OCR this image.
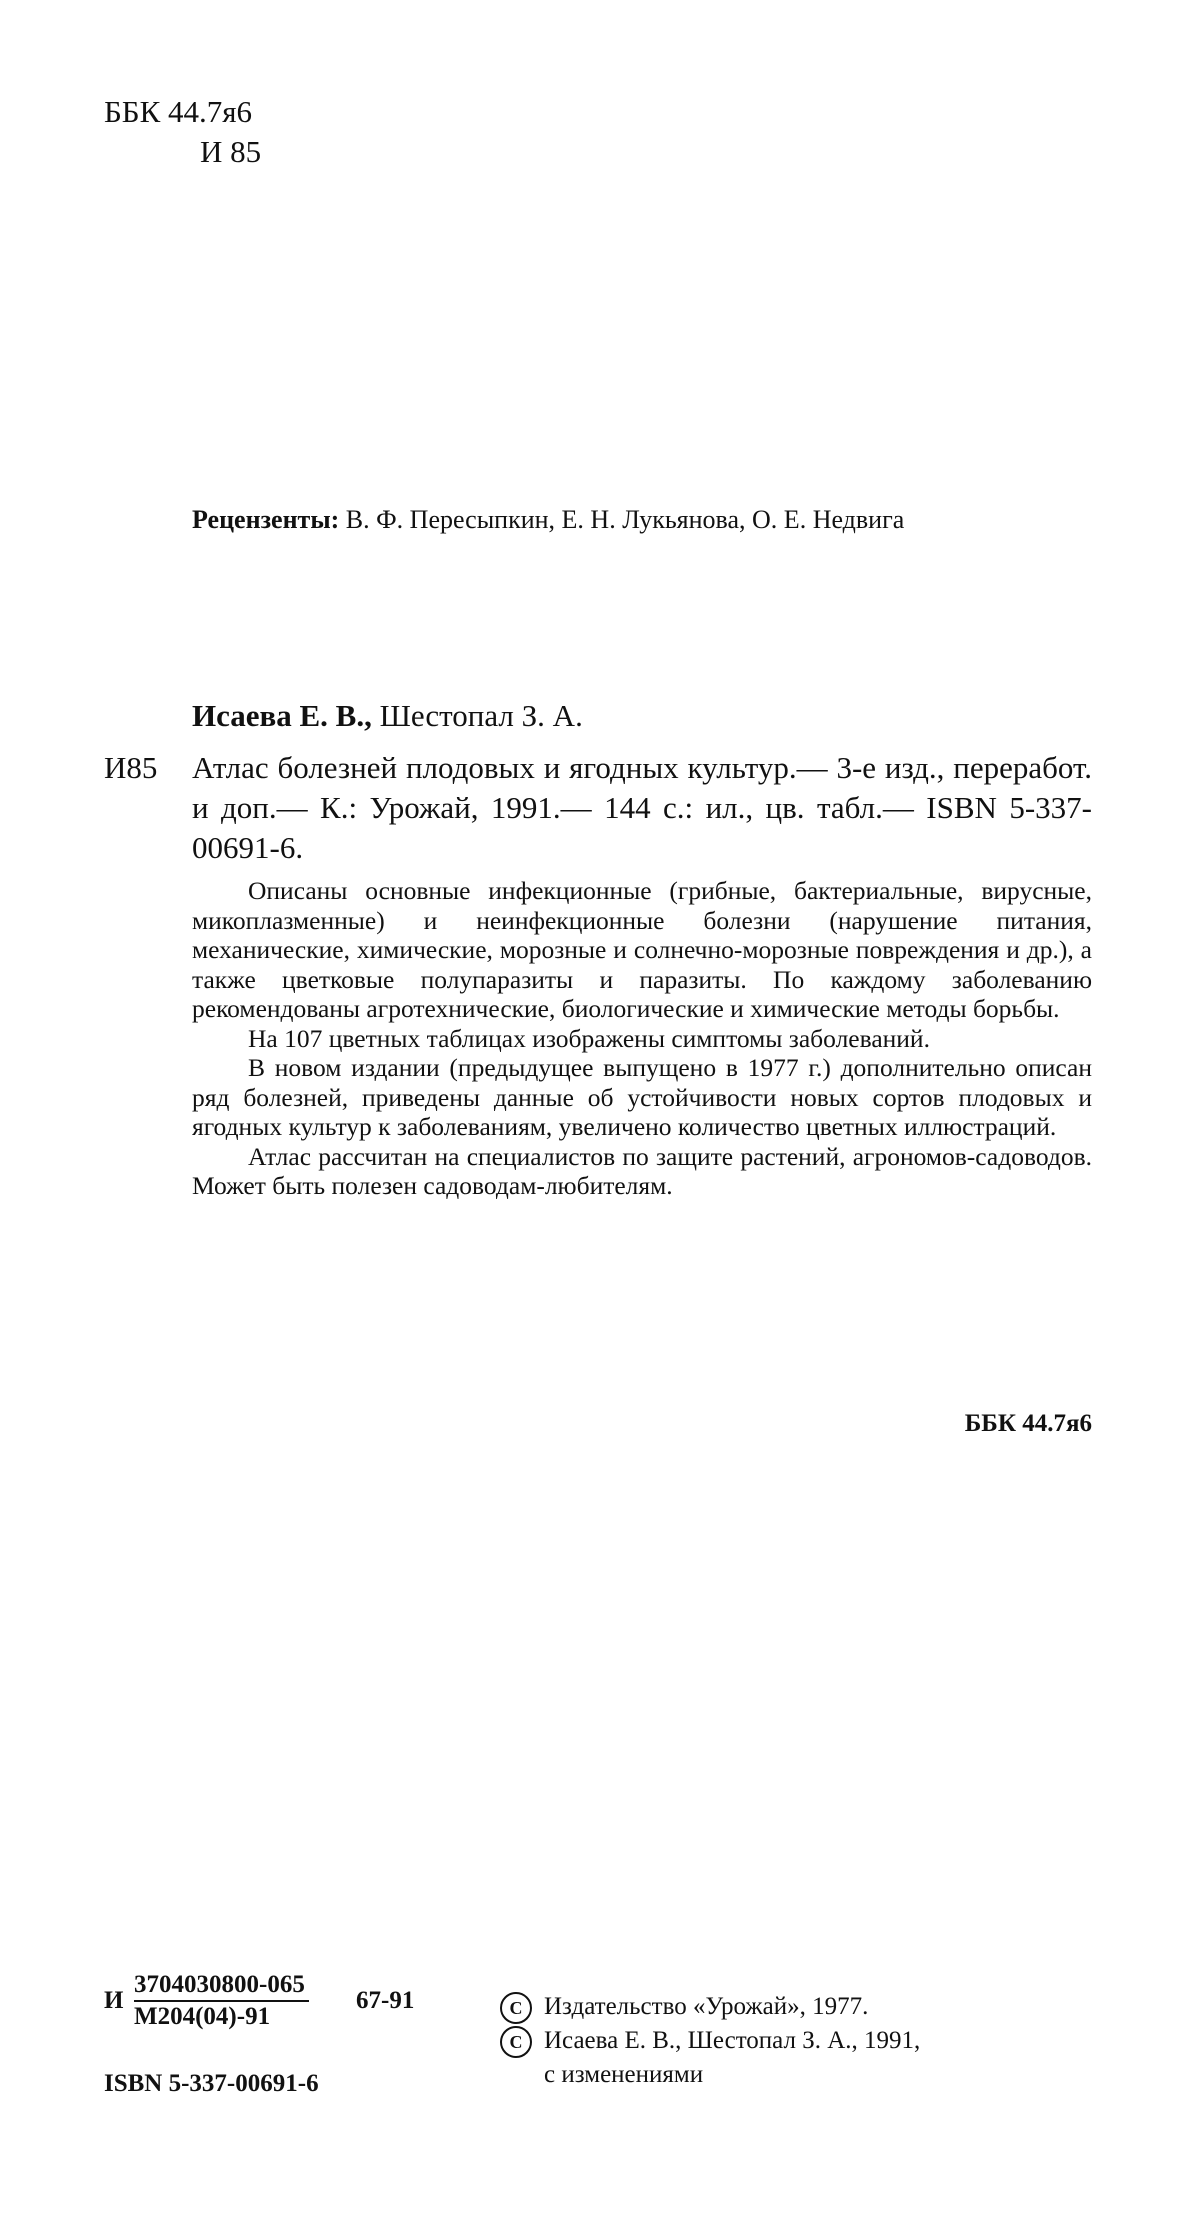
ББК 44.7я6
И 85
Рецензенты: В. Ф. Пересыпкин, Е. Н. Лукьянова, О. Е. Недвига
Исаева Е. В., Шестопал З. А.
И85 Атлас болезней плодовых и ягодных культур.— 3-е изд., переработ. и доп.— К.: Урожай, 1991.— 144 с.: ил., цв. табл.— ISBN 5-337-00691-6.

Описаны основные инфекционные (грибные, бактериальные, вирусные, микоплазменные) и неинфекционные болезни (нарушение питания, механические, химические, морозные и солнечно-морозные повреждения и др.), а также цветковые полупаразиты и паразиты. По каждому заболеванию рекомендованы агротехнические, биологические и химические методы борьбы.

На 107 цветных таблицах изображены симптомы заболеваний.

В новом издании (предыдущее выпущено в 1977 г.) дополнительно описан ряд болезней, приведены данные об устойчивости новых сортов плодовых и ягодных культур к заболеваниям, увеличено количество цветных иллюстраций.

Атлас рассчитан на специалистов по защите растений, агрономов-садоводов. Может быть полезен садоводам-любителям.

ББК 44.7я6
И
3704030800-065
М204(04)-91
67-91
ISBN 5-337-00691-6
C Издательство «Урожай», 1977.
C Исаева Е. В., Шестопал З. А., 1991,
с изменениями
